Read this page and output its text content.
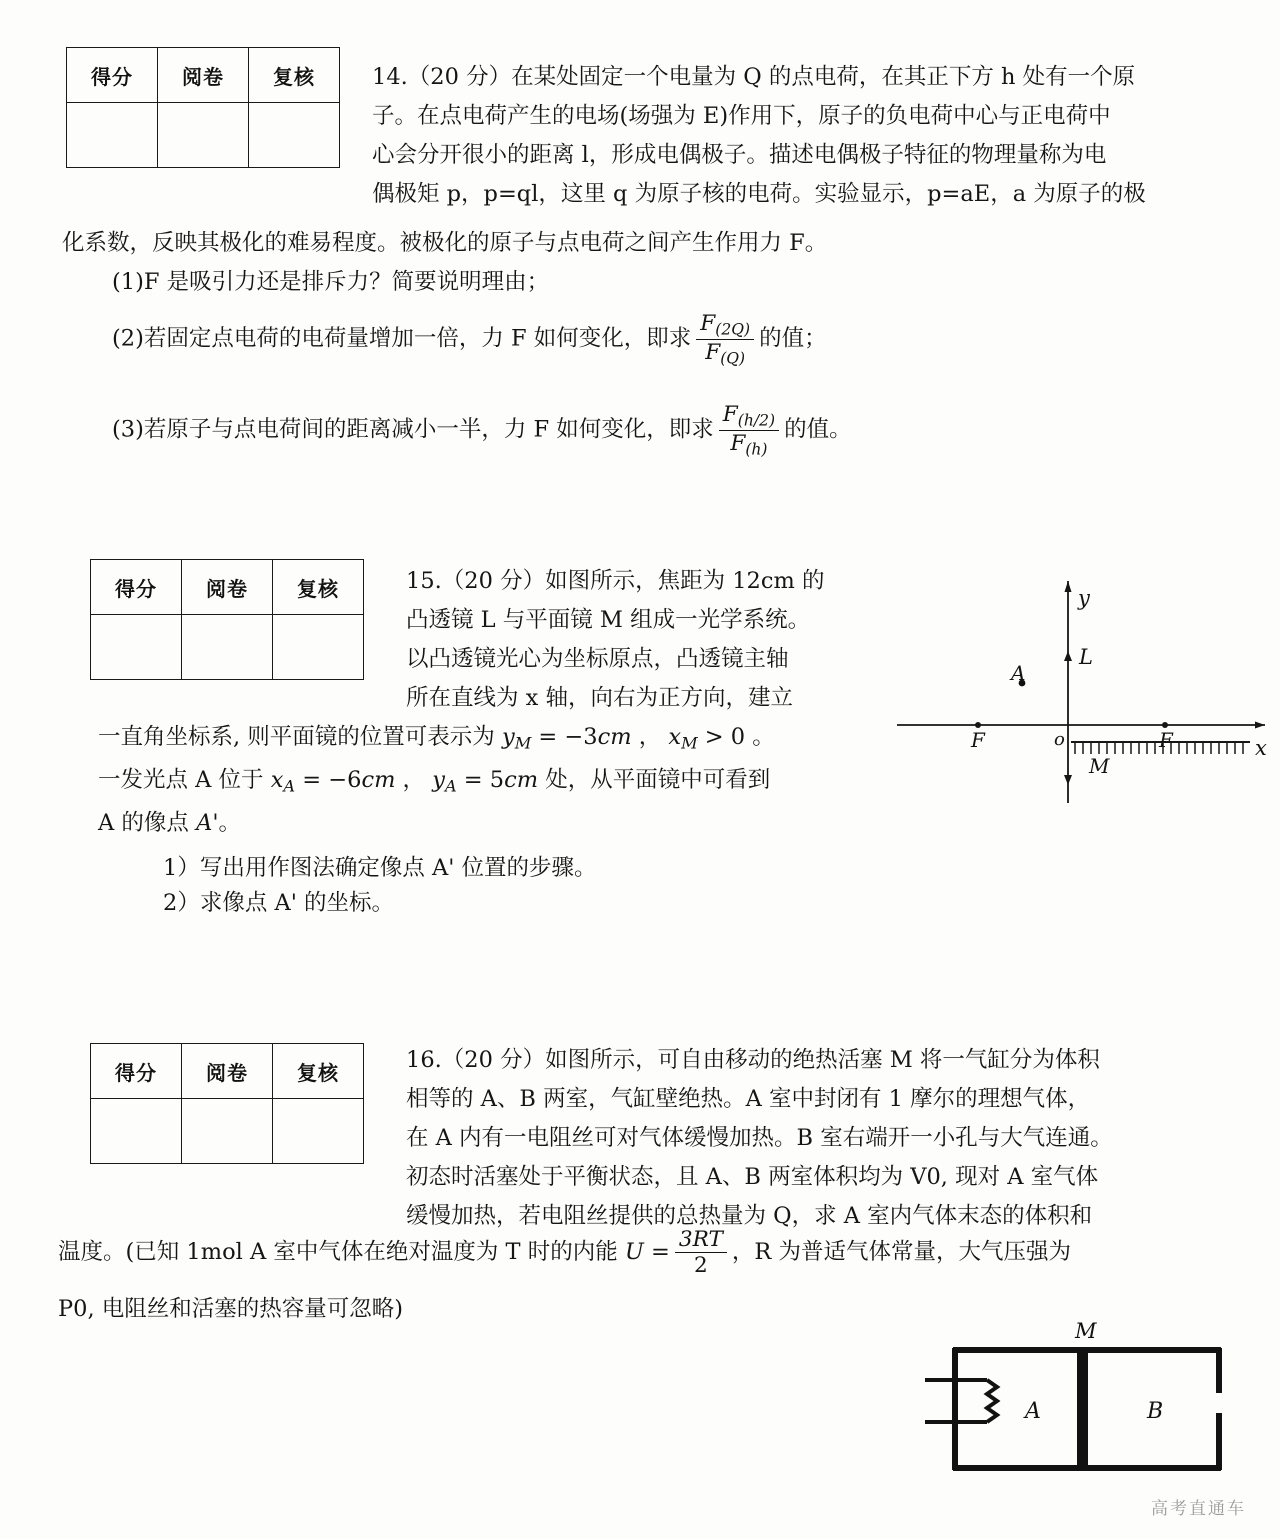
得分	阅卷	复核
			14.（20 分）在某处固定一个电量为 Q 的点电荷，在其正下方 h 处有一个原
子。在点电荷产生的电场(场强为 E)作用下，原子的负电荷中心与正电荷中
心会分开很小的距离 l，形成电偶极子。描述电偶极子特征的物理量称为电
偶极矩 p，p=ql，这里 q 为原子核的电荷。实验显示，p=aE，a 为原子的极
化系数，反映其极化的难易程度。被极化的原子与点电荷之间产生作用力 F。
(1)F 是吸引力还是排斥力？简要说明理由；
(2)若固定点电荷的电荷量增加一倍，力 F 如何变化，即求 $\frac{F_{(2Q)}}{F_{(Q)}}$ 的值；
(3)若原子与点电荷间的距离减小一半，力 F 如何变化，即求 $\frac{F_{(h/2)}}{F_{(h)}}$ 的值。
得分	阅卷	复核
			15.（20 分）如图所示，焦距为 12cm 的
凸透镜 L 与平面镜 M 组成一光学系统。
以凸透镜光心为坐标原点，凸透镜主轴
所在直线为 x 轴，向右为正方向，建立
一直角坐标系, 则平面镜的位置可表示为 $y_M = -3cm$ ， $x_M > 0$ 。
一发光点 A 位于 $x_A = -6cm$ ， $y_A = 5cm$ 处，从平面镜中可看到
A 的像点 A'。
1）写出用作图法确定像点 A' 位置的步骤。
2）求像点 A' 的坐标。
y
x
L
A
F	F
o
M
得分	阅卷	复核
			16.（20 分）如图所示，可自由移动的绝热活塞 M 将一气缸分为体积
相等的 A、B 两室，气缸壁绝热。A 室中封闭有 1 摩尔的理想气体，
在 A 内有一电阻丝可对气体缓慢加热。B 室右端开一小孔与大气连通。
初态时活塞处于平衡状态，且 A、B 两室体积均为 V0, 现对 A 室气体
缓慢加热，若电阻丝提供的总热量为 Q，求 A 室内气体末态的体积和
温度。(已知 1mol A 室中气体在绝对温度为 T 时的内能 $U = \frac{3RT}{2}$ ，R 为普适气体常量，大气压强为
P0, 电阻丝和活塞的热容量可忽略)
M
A	B
高考直通车
